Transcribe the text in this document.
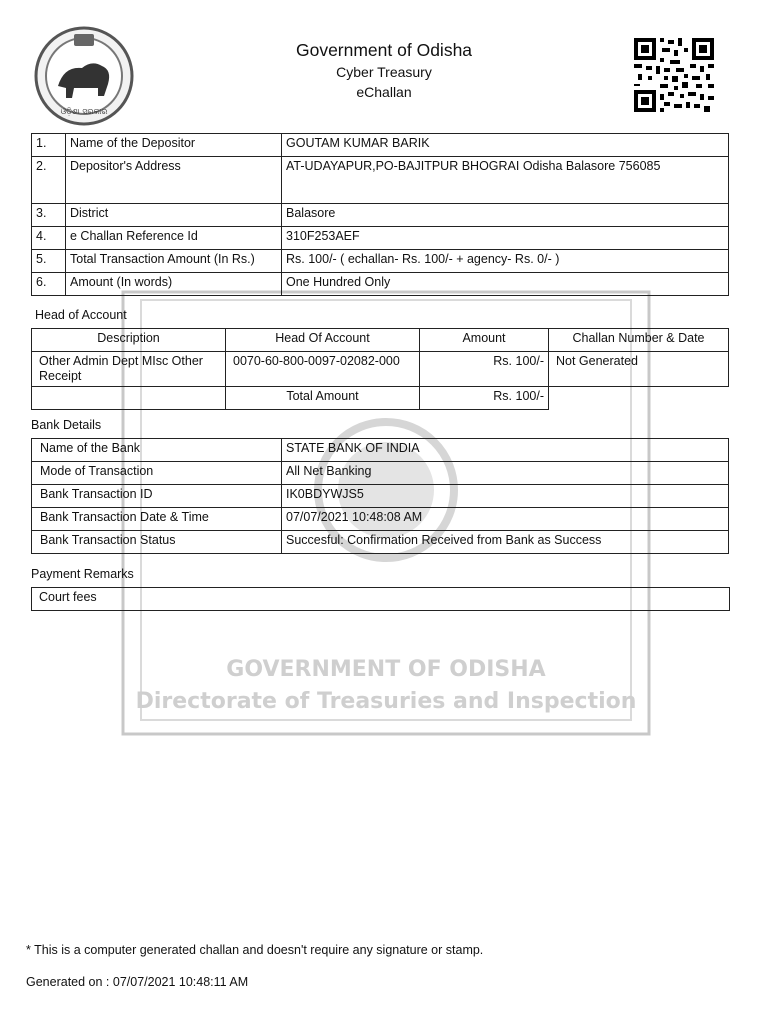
GOVERNMENT OF ODISHA
Directorate of Treasuries and Inspection
ଓଡ଼ିଶା ସରକାର
Government of Odisha
Cyber Treasury
eChallan
1.	Name of the Depositor	GOUTAM KUMAR BARIK
2.	Depositor's Address	AT-UDAYAPUR,PO-BAJITPUR BHOGRAI Odisha Balasore 756085
3.	District	Balasore
4.	e Challan Reference Id	310F253AEF
5.	Total Transaction Amount (In Rs.)	Rs. 100/- ( echallan- Rs. 100/- + agency- Rs. 0/- )
6.	Amount (In words)	One Hundred Only
Head of Account
Description	Head Of Account	Amount	Challan Number & Date
Other Admin Dept MIsc Other Receipt	0070-60-800-0097-02082-000	Rs. 100/-	Not Generated
	Total Amount	Rs. 100/-	
Bank Details
Name of the Bank	STATE BANK OF INDIA
Mode of Transaction	All Net Banking
Bank Transaction ID	IK0BDYWJS5
Bank Transaction Date & Time	07/07/2021 10:48:08 AM
Bank Transaction Status	Succesful: Confirmation Received from Bank as Success
Payment Remarks
Court fees
* This is a computer generated challan and doesn't require any signature or stamp.
Generated on : 07/07/2021 10:48:11 AM
